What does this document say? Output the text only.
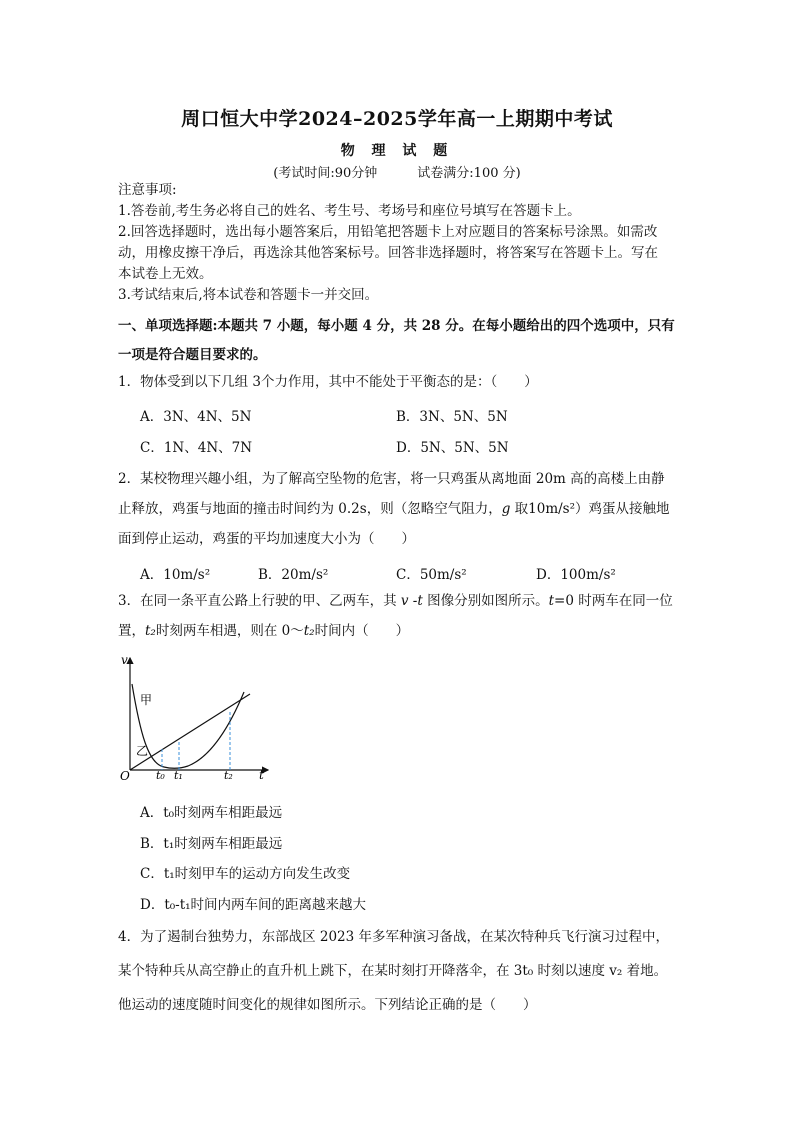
周口恒大中学2024–2025学年高一上期期中考试
物 理 试 题
(考试时间:90分钟	试卷满分:100 分)
注意事项:
1.答卷前,考生务必将自己的姓名、考生号、考场号和座位号填写在答题卡上。
2.回答选择题时，选出每小题答案后，用铅笔把答题卡上对应题目的答案标号涂黑。如需改
动，用橡皮擦干净后，再选涂其他答案标号。回答非选择题时，将答案写在答题卡上。写在
本试卷上无效。
3.考试结束后,将本试卷和答题卡一并交回。
一、单项选择题:本题共 7 小题，每小题 4 分，共 28 分。在每小题给出的四个选项中，只有
一项是符合题目要求的。
1．物体受到以下几组 3个力作用，其中不能处于平衡态的是：（　　）
A．3N、4N、5N	B．3N、5N、5N
C．1N、4N、7N	D．5N、5N、5N
2．某校物理兴趣小组，为了解高空坠物的危害，将一只鸡蛋从离地面 20m 高的高楼上由静
止释放，鸡蛋与地面的撞击时间约为 0.2s，则（忽略空气阻力，g 取10m/s²）鸡蛋从接触地
面到停止运动，鸡蛋的平均加速度大小为（　　）
A．10m/s²	B．20m/s²	C．50m/s²	D．100m/s²
3．在同一条平直公路上行驶的甲、乙两车，其 v -t 图像分别如图所示。t=0 时两车在同一位
置，t₂时刻两车相遇，则在 0～t₂时间内（　　）
v
t
O
甲
乙
t₀ t₁	t₂
A．t₀时刻两车相距最远
B．t₁时刻两车相距最远
C．t₁时刻甲车的运动方向发生改变
D．t₀-t₁时间内两车间的距离越来越大
4．为了遏制台独势力，东部战区 2023 年多军种演习备战，在某次特种兵飞行演习过程中，
某个特种兵从高空静止的直升机上跳下，在某时刻打开降落伞，在 3t₀ 时刻以速度 v₂ 着地。
他运动的速度随时间变化的规律如图所示。下列结论正确的是（　　）
